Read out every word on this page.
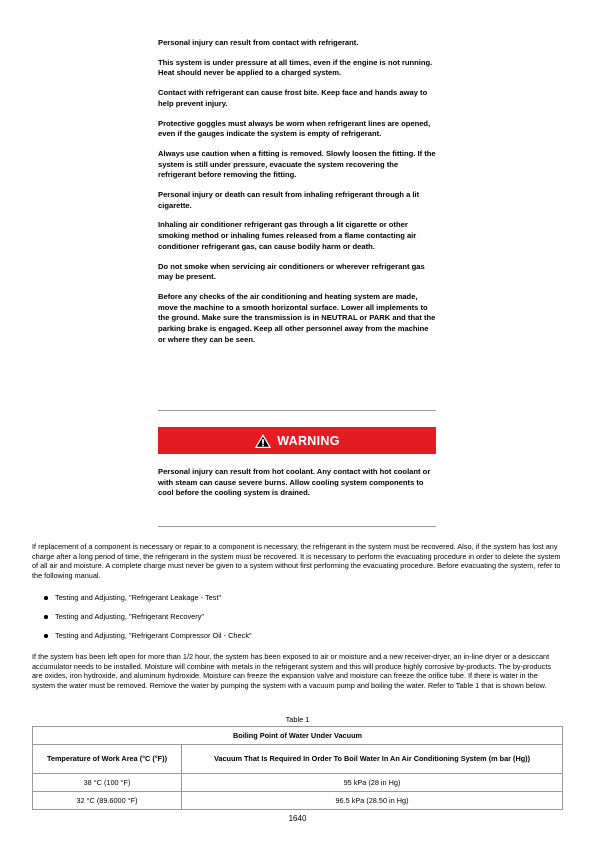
Personal injury can result from contact with refrigerant.

This system is under pressure at all times, even if the engine is not running. Heat should never be applied to a charged system.

Contact with refrigerant can cause frost bite. Keep face and hands away to help prevent injury.

Protective goggles must always be worn when refrigerant lines are opened, even if the gauges indicate the system is empty of refrigerant.

Always use caution when a fitting is removed. Slowly loosen the fitting. If the system is still under pressure, evacuate the system recovering the refrigerant before removing the fitting.

Personal injury or death can result from inhaling refrigerant through a lit cigarette.

Inhaling air conditioner refrigerant gas through a lit cigarette or other smoking method or inhaling fumes released from a flame contacting air conditioner refrigerant gas, can cause bodily harm or death.

Do not smoke when servicing air conditioners or wherever refrigerant gas may be present.

Before any checks of the air conditioning and heating system are made, move the machine to a smooth horizontal surface. Lower all implements to the ground. Make sure the transmission is in NEUTRAL or PARK and that the parking brake is engaged. Keep all other personnel away from the machine or where they can be seen.

WARNING

Personal injury can result from hot coolant. Any contact with hot coolant or with steam can cause severe burns. Allow cooling system components to cool before the cooling system is drained.

If replacement of a component is necessary or repair to a component is necessary, the refrigerant in the system must be recovered. Also, if the system has lost any charge after a long period of time, the refrigerant in the system must be recovered. It is necessary to perform the evacuating procedure in order to delete the system of all air and moisture. A complete charge must never be given to a system without first performing the evacuating procedure. Before evacuating the system, refer to the following manual.

Testing and Adjusting, "Refrigerant Leakage - Test"
Testing and Adjusting, "Refrigerant Recovery"
Testing and Adjusting, "Refrigerant Compressor Oil - Check"

If the system has been left open for more than 1/2 hour, the system has been exposed to air or moisture and a new receiver-dryer, an in-line dryer or a desiccant accumulator needs to be installed. Moisture will combine with metals in the refrigerant system and this will produce highly corrosive by-products. The by-products are oxides, iron hydroxide, and aluminum hydroxide. Moisture can freeze the expansion valve and moisture can freeze the orifice tube. If there is water in the system the water must be removed. Remove the water by pumping the system with a vacuum pump and boiling the water. Refer to Table 1 that is shown below.

Table 1
Boiling Point of Water Under Vacuum	
Temperature of Work Area (°C (°F))	Vacuum That Is Required In Order To Boil Water In An Air Conditioning System (m bar (Hg))
38 °C (100 °F)	95 kPa (28 in Hg)
32 °C (89.6000 °F)	96.5 kPa (28.50 in Hg)
1640
